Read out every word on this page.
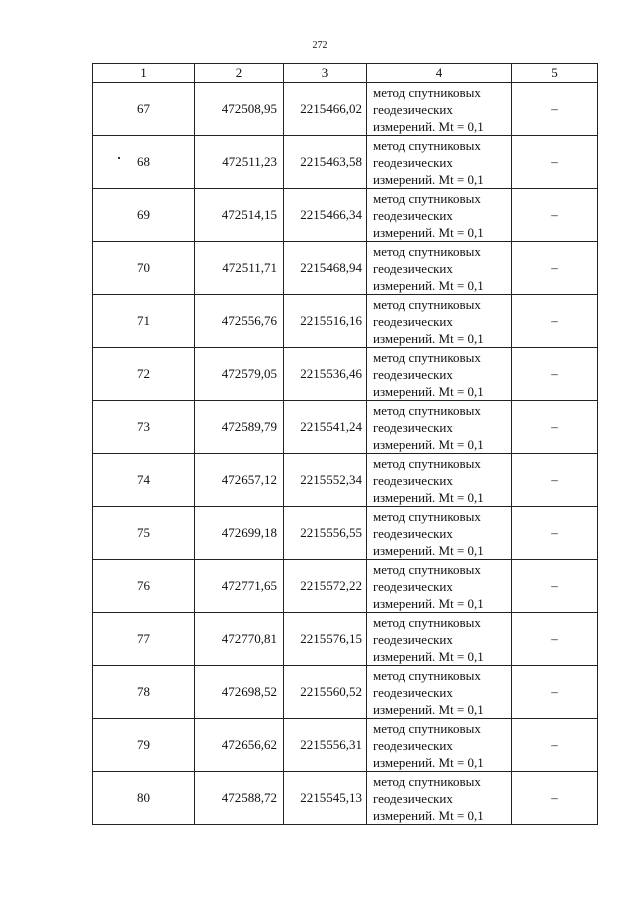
272
1	2	3	4	5
67	472508,95	2215466,02	метод спутниковых
геодезических
измерений. Mt = 0,1	–
68	472511,23	2215463,58	метод спутниковых
геодезических
измерений. Mt = 0,1	–
69	472514,15	2215466,34	метод спутниковых
геодезических
измерений. Mt = 0,1	–
70	472511,71	2215468,94	метод спутниковых
геодезических
измерений. Mt = 0,1	–
71	472556,76	2215516,16	метод спутниковых
геодезических
измерений. Mt = 0,1	–
72	472579,05	2215536,46	метод спутниковых
геодезических
измерений. Mt = 0,1	–
73	472589,79	2215541,24	метод спутниковых
геодезических
измерений. Mt = 0,1	–
74	472657,12	2215552,34	метод спутниковых
геодезических
измерений. Mt = 0,1	–
75	472699,18	2215556,55	метод спутниковых
геодезических
измерений. Mt = 0,1	–
76	472771,65	2215572,22	метод спутниковых
геодезических
измерений. Mt = 0,1	–
77	472770,81	2215576,15	метод спутниковых
геодезических
измерений. Mt = 0,1	–
78	472698,52	2215560,52	метод спутниковых
геодезических
измерений. Mt = 0,1	–
79	472656,62	2215556,31	метод спутниковых
геодезических
измерений. Mt = 0,1	–
80	472588,72	2215545,13	метод спутниковых
геодезических
измерений. Mt = 0,1	–
